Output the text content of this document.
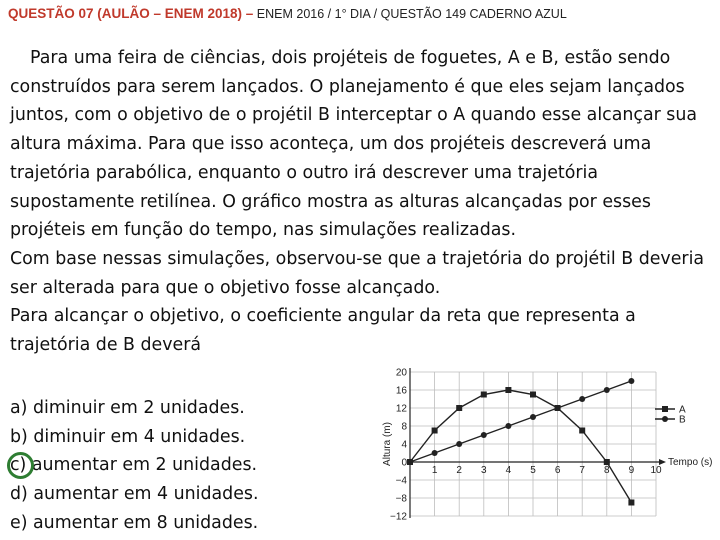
QUESTÃO 07 (AULÃO – ENEM 2018) – ENEM 2016 / 1° DIA / QUESTÃO 149 CADERNO AZUL

Para uma feira de ciências, dois projéteis de foguetes, A e B, estão sendo construídos para serem lançados. O planejamento é que eles sejam lançados juntos, com o objetivo de o projétil B interceptar o A quando esse alcançar sua altura máxima. Para que isso aconteça, um dos projéteis descreverá uma trajetória parabólica, enquanto o outro irá descrever uma trajetória supostamente retilínea. O gráfico mostra as alturas alcançadas por esses projéteis em função do tempo, nas simulações realizadas.

Com base nessas simulações, observou-se que a trajetória do projétil B deveria ser alterada para que o objetivo fosse alcançado.

Para alcançar o objetivo, o coeficiente angular da reta que representa a trajetória de B deverá

a) diminuir em 2 unidades.
b) diminuir em 4 unidades.
c) aumentar em 2 unidades.
d) aumentar em 4 unidades.
e) aumentar em 8 unidades.	−12
−8
−4
0
4
8
12
16
20
1 2 3 4 5 6 7 8 9 10
Tempo (s)
Altura (m)
A
B
